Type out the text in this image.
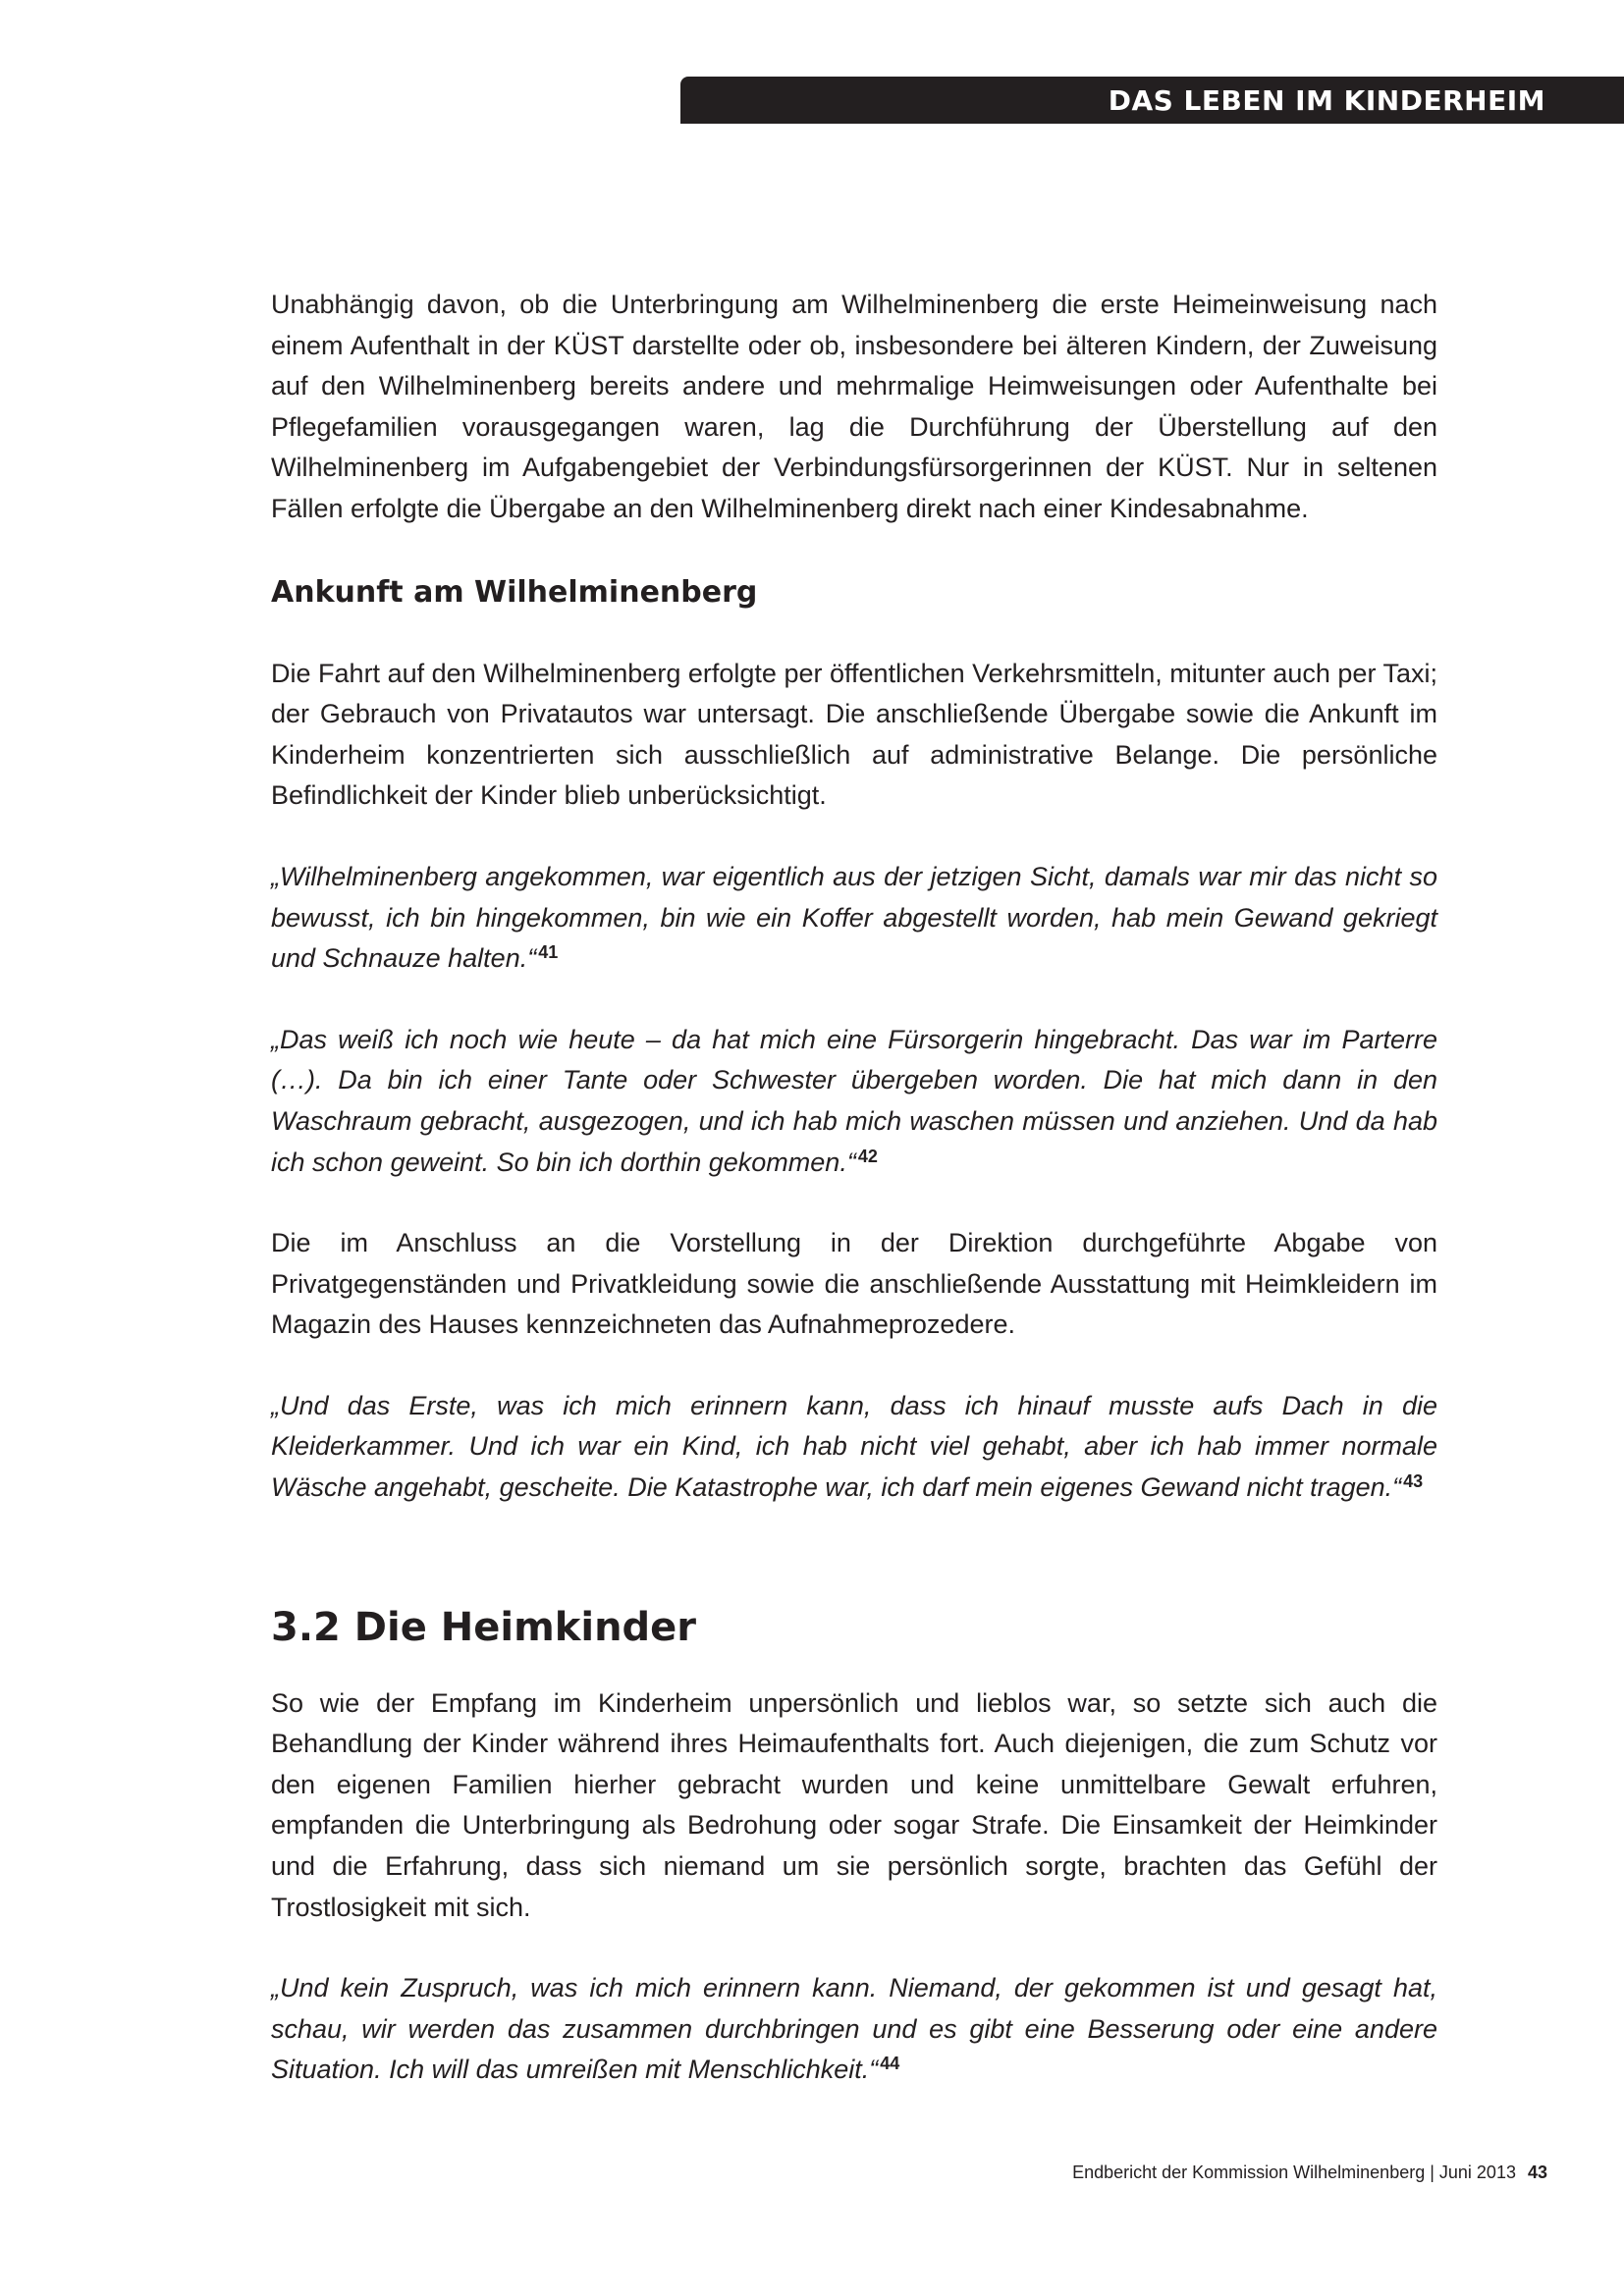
DAS LEBEN IM KINDERHEIM

Unabhängig davon, ob die Unterbringung am Wilhelminenberg die erste Heimeinweisung nach einem Aufenthalt in der KÜST darstellte oder ob, insbesondere bei älteren Kindern, der Zuweisung auf den Wilhelminenberg bereits andere und mehrmalige Heimweisungen oder Aufenthalte bei Pflegefamilien vorausgegangen waren, lag die Durchführung der Überstellung auf den Wilhelminenberg im Aufgabengebiet der Verbindungsfürsorgerinnen der KÜST. Nur in seltenen Fällen erfolgte die Übergabe an den Wilhelminenberg direkt nach einer Kindesabnahme.

Ankunft am Wilhelminenberg

Die Fahrt auf den Wilhelminenberg erfolgte per öffentlichen Verkehrsmitteln, mitunter auch per Taxi; der Gebrauch von Privatautos war untersagt. Die anschließende Übergabe sowie die Ankunft im Kinderheim konzentrierten sich ausschließlich auf administrative Belange. Die persönliche Befindlichkeit der Kinder blieb unberücksichtigt.

„Wilhelminenberg angekommen, war eigentlich aus der jetzigen Sicht, damals war mir das nicht so bewusst, ich bin hingekommen, bin wie ein Koffer abgestellt worden, hab mein Gewand gekriegt und Schnauze halten.“ $^{41}$

„Das weiß ich noch wie heute – da hat mich eine Fürsorgerin hingebracht. Das war im Parterre (…). Da bin ich einer Tante oder Schwester übergeben worden. Die hat mich dann in den Waschraum gebracht, ausgezogen, und ich hab mich waschen müssen und anziehen. Und da hab ich schon geweint. So bin ich dorthin gekommen.“ $^{42}$

Die im Anschluss an die Vorstellung in der Direktion durchgeführte Abgabe von Privatgegenständen und Privatkleidung sowie die anschließende Ausstattung mit Heimkleidern im Magazin des Hauses kennzeichneten das Aufnahmeprozedere.

„Und das Erste, was ich mich erinnern kann, dass ich hinauf musste aufs Dach in die Kleiderkammer. Und ich war ein Kind, ich hab nicht viel gehabt, aber ich hab immer normale Wäsche angehabt, gescheite. Die Katastrophe war, ich darf mein eigenes Gewand nicht tragen.“ $^{43}$

3.2 Die Heimkinder

So wie der Empfang im Kinderheim unpersönlich und lieblos war, so setzte sich auch die Behandlung der Kinder während ihres Heimaufenthalts fort. Auch diejenigen, die zum Schutz vor den eigenen Familien hierher gebracht wurden und keine unmittelbare Gewalt erfuhren, empfanden die Unterbringung als Bedrohung oder sogar Strafe. Die Einsamkeit der Heimkinder und die Erfahrung, dass sich niemand um sie persönlich sorgte, brachten das Gefühl der Trostlosigkeit mit sich.

„Und kein Zuspruch, was ich mich erinnern kann. Niemand, der gekommen ist und gesagt hat, schau, wir werden das zusammen durchbringen und es gibt eine Besserung oder eine andere Situation. Ich will das umreißen mit Menschlichkeit.“ $^{44}$

Endbericht der Kommission Wilhelminenberg | Juni 2013 43
